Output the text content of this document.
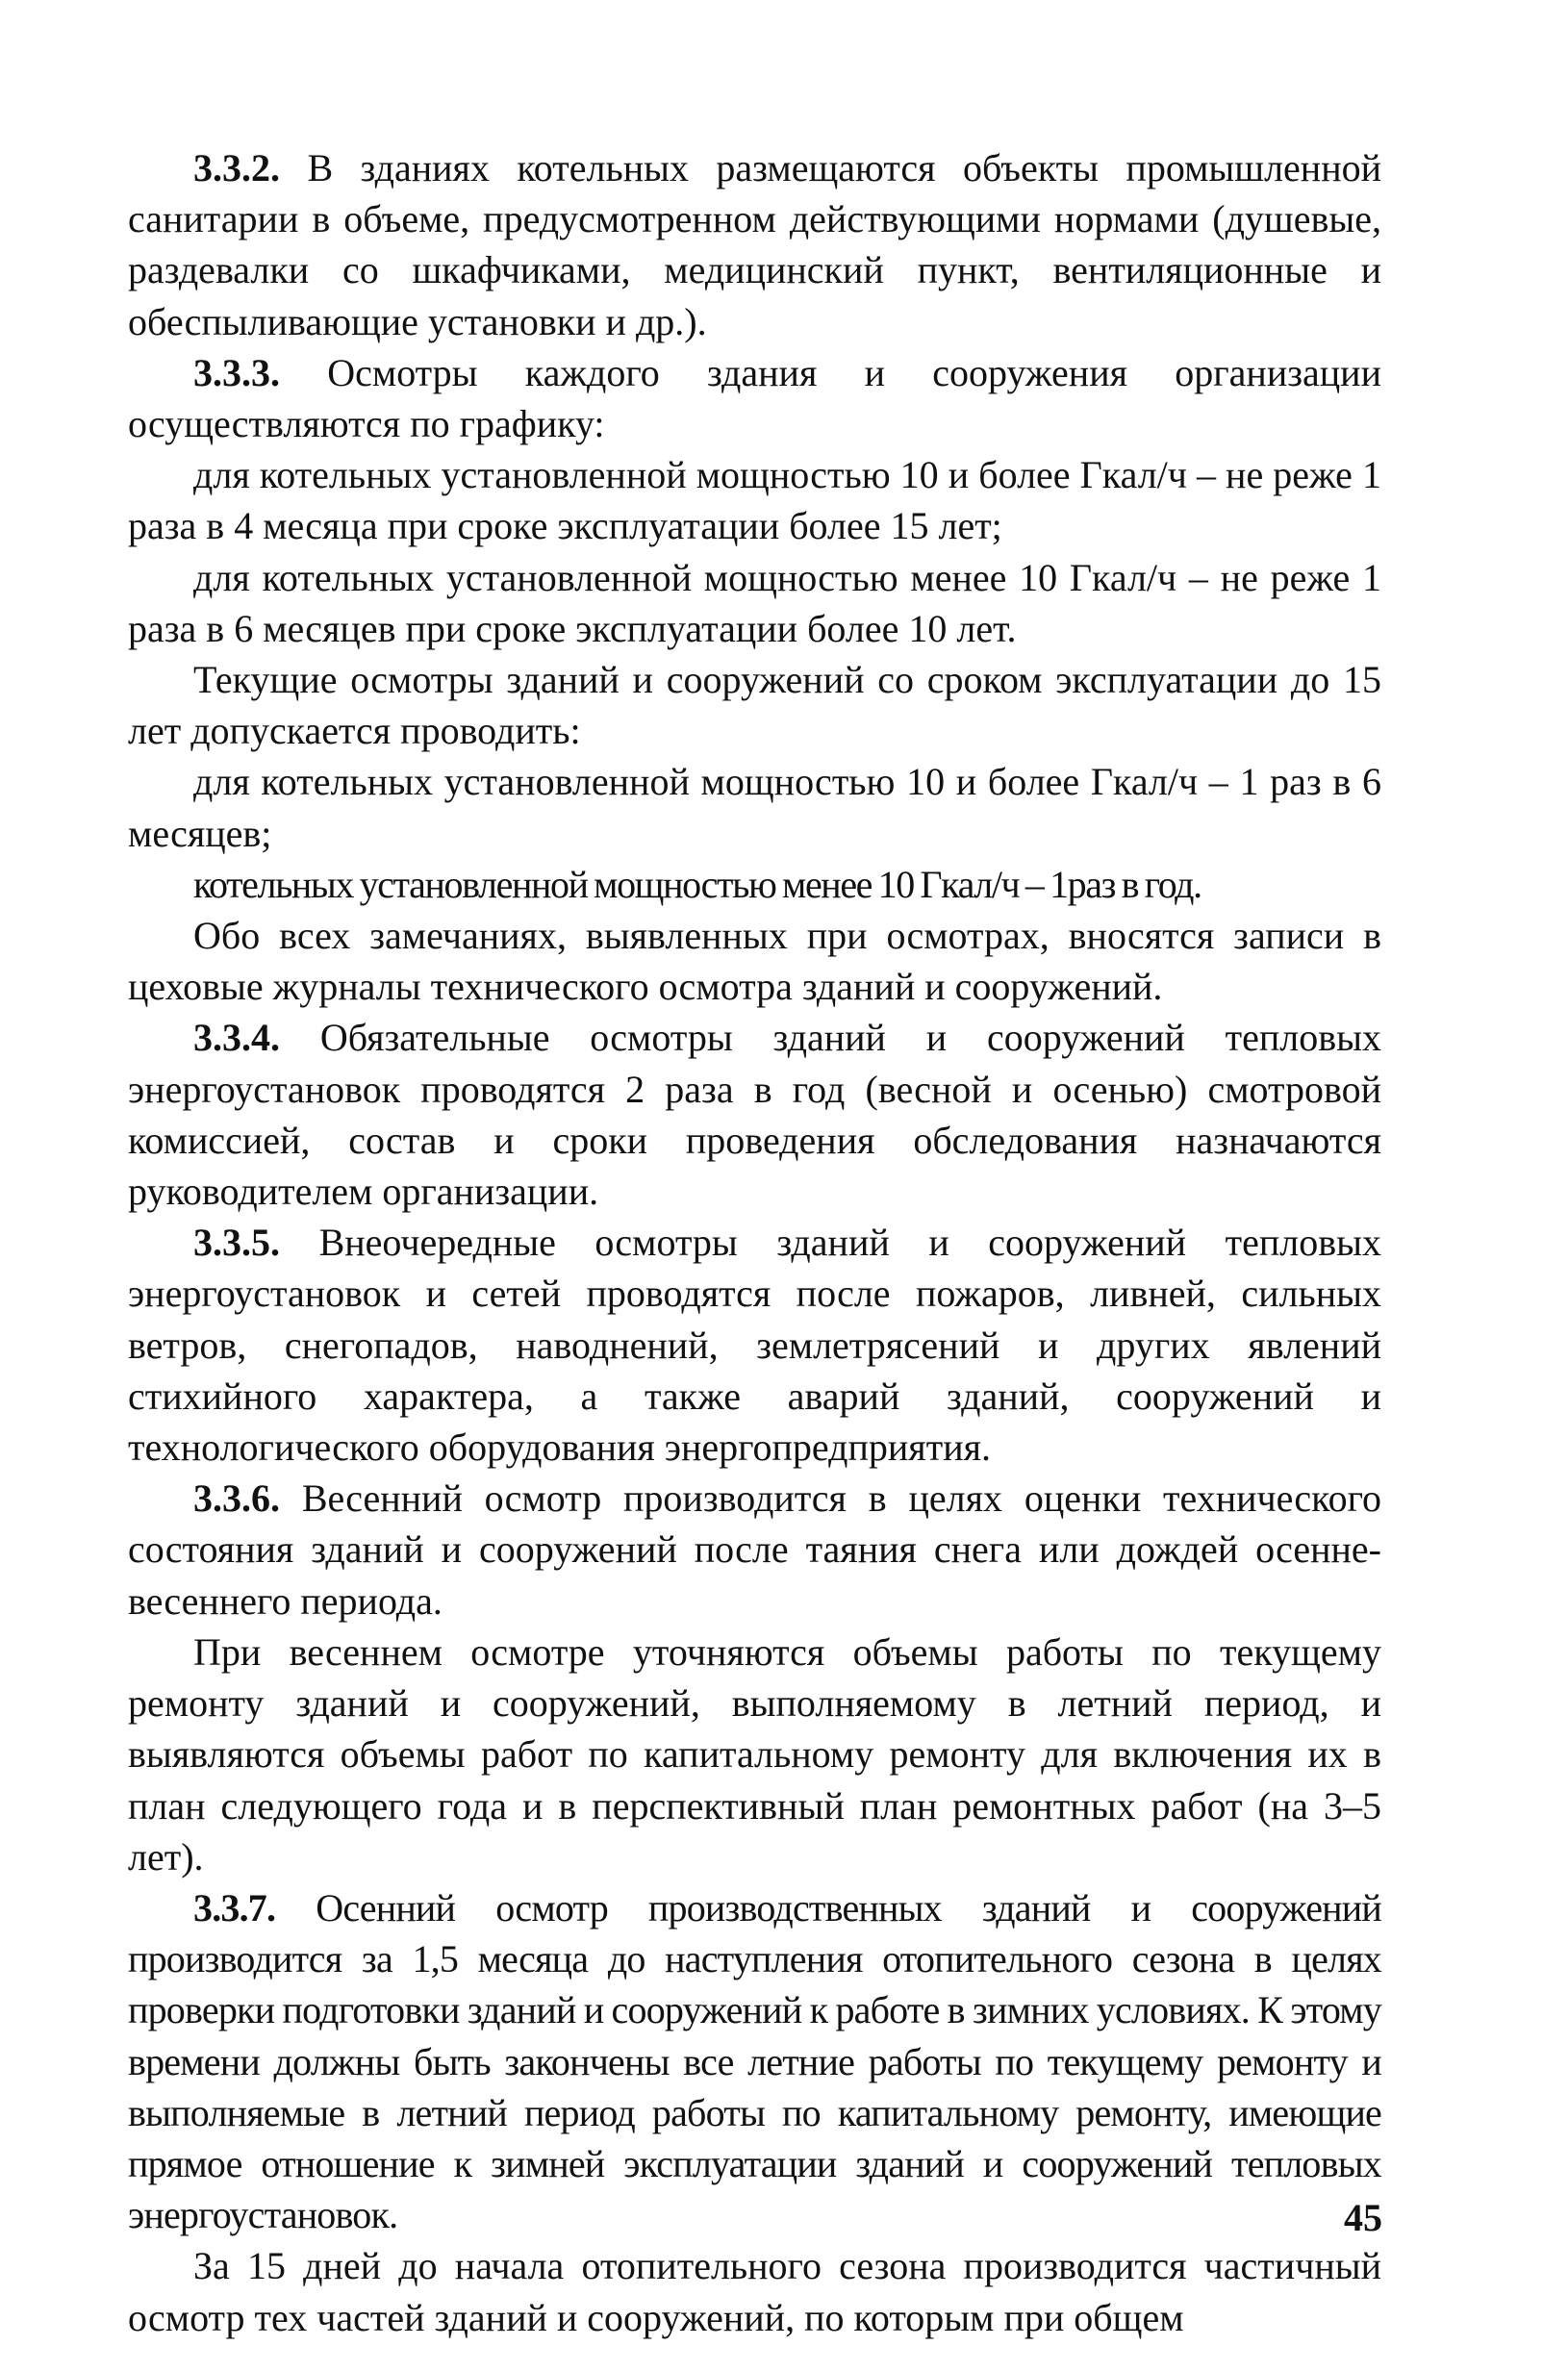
3.3.2. В зданиях котельных размещаются объекты промышленной санитарии в объеме, предусмотренном действующими нормами (душевые, раздевалки со шкафчиками, медицинский пункт, вентиляционные и обеспыливающие установки и др.).

3.3.3. Осмотры каждого здания и сооружения организации осуществляются по графику:

для котельных установленной мощностью 10 и более Гкал/ч – не реже 1 раза в 4 месяца при сроке эксплуатации более 15 лет;

для котельных установленной мощностью менее 10 Гкал/ч – не реже 1 раза в 6 месяцев при сроке эксплуатации более 10 лет.

Текущие осмотры зданий и сооружений со сроком эксплуатации до 15 лет допускается проводить:

для котельных установленной мощностью 10 и более Гкал/ч – 1 раз в 6 месяцев;

котельных установленной мощностью менее 10 Гкал/ч – 1раз в год.

Обо всех замечаниях, выявленных при осмотрах, вносятся записи в цеховые журналы технического осмотра зданий и сооружений.

3.3.4. Обязательные осмотры зданий и сооружений тепловых энергоустановок проводятся 2 раза в год (весной и осенью) смотровой комиссией, состав и сроки проведения обследования назначаются руководителем организации.

3.3.5. Внеочередные осмотры зданий и сооружений тепловых энергоустановок и сетей проводятся после пожаров, ливней, сильных ветров, снегопадов, наводнений, землетрясений и других явлений стихийного характера, а также аварий зданий, сооружений и технологического оборудования энергопредприятия.

3.3.6. Весенний осмотр производится в целях оценки технического состояния зданий и сооружений после таяния снега или дождей осенне-весеннего периода.

При весеннем осмотре уточняются объемы работы по текущему ремонту зданий и сооружений, выполняемому в летний период, и выявляются объемы работ по капитальному ремонту для включения их в план следующего года и в перспективный план ремонтных работ (на 3–5 лет).

3.3.7. Осенний осмотр производственных зданий и сооружений производится за 1,5 месяца до наступления отопительного сезона в целях проверки подготовки зданий и сооружений к работе в зимних условиях. К этому времени должны быть закончены все летние работы по текущему ремонту и выполняемые в летний период работы по капитальному ремонту, имеющие прямое отношение к зимней эксплуатации зданий и сооружений тепловых энергоустановок.

За 15 дней до начала отопительного сезона производится частичный осмотр тех частей зданий и сооружений, по которым при общем

45
